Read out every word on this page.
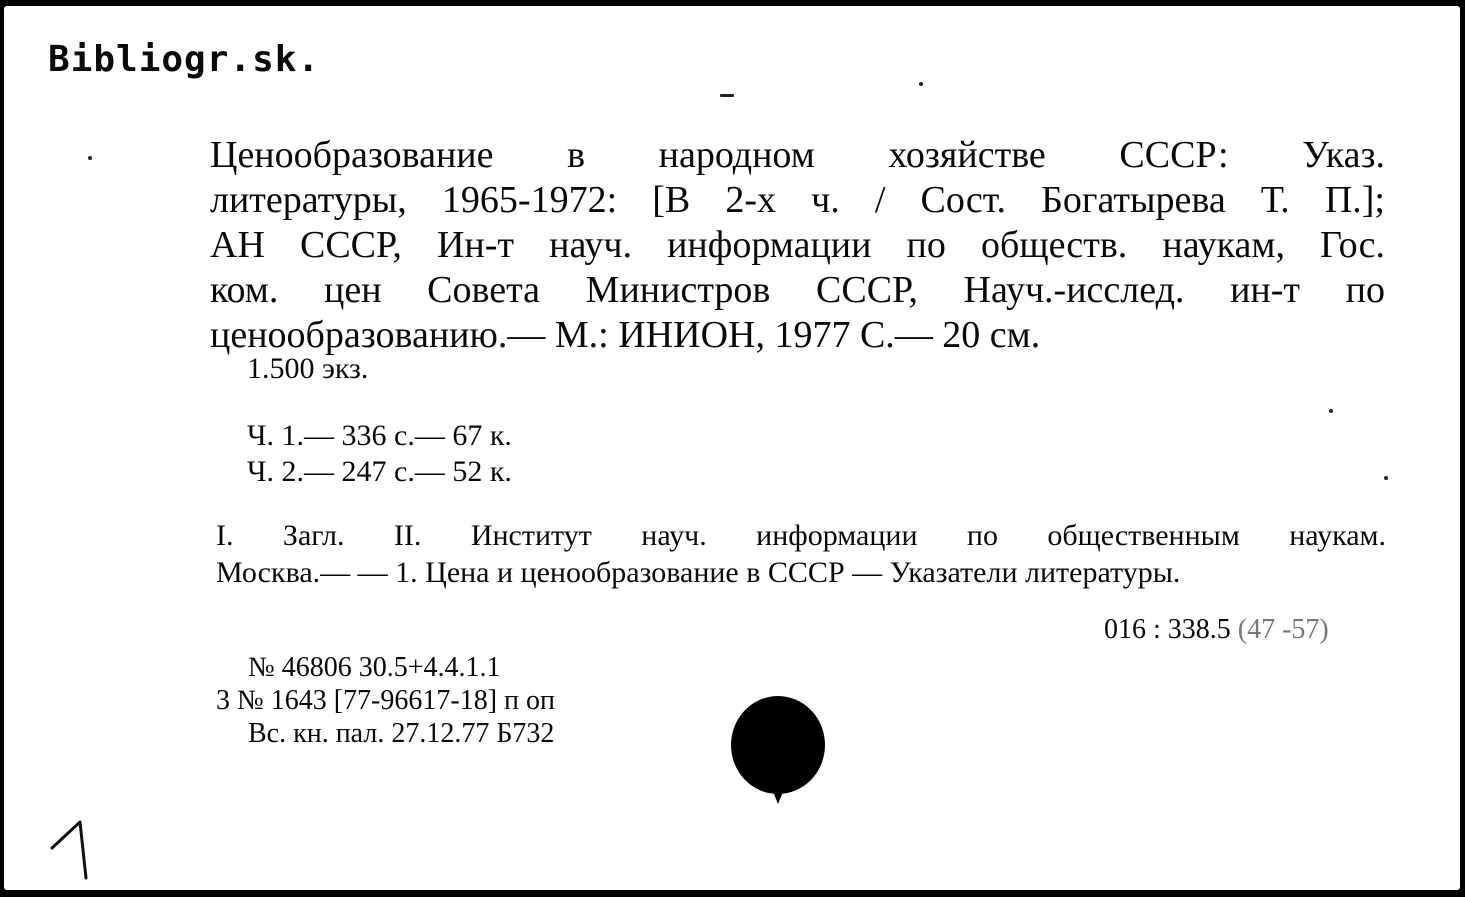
Bibliogr.sk.
Ценообразование в народном хозяйстве СССР: Указ.
литературы, 1965-1972: [В 2-х ч. / Сост. Богатырева Т. П.];
АН СССР, Ин-т науч. информации по обществ. наукам, Гос.
ком. цен Совета Министров СССР, Науч.-исслед. ин-т по
ценообразованию.— М.: ИНИОН, 1977 С.— 20 см.
1.500 экз.
Ч. 1.— 336 с.— 67 к.
Ч. 2.— 247 с.— 52 к.
I. Загл. II. Институт науч. информации по общественным наукам.
Москва.— — 1. Цена и ценообразование в СССР — Указатели литературы.
016 : 338.5 (47 -57)
№ 46806 30.5+4.4.1.1
3 № 1643 [77-96617-18] п оп
Вс. кн. пал. 27.12.77 Б732
